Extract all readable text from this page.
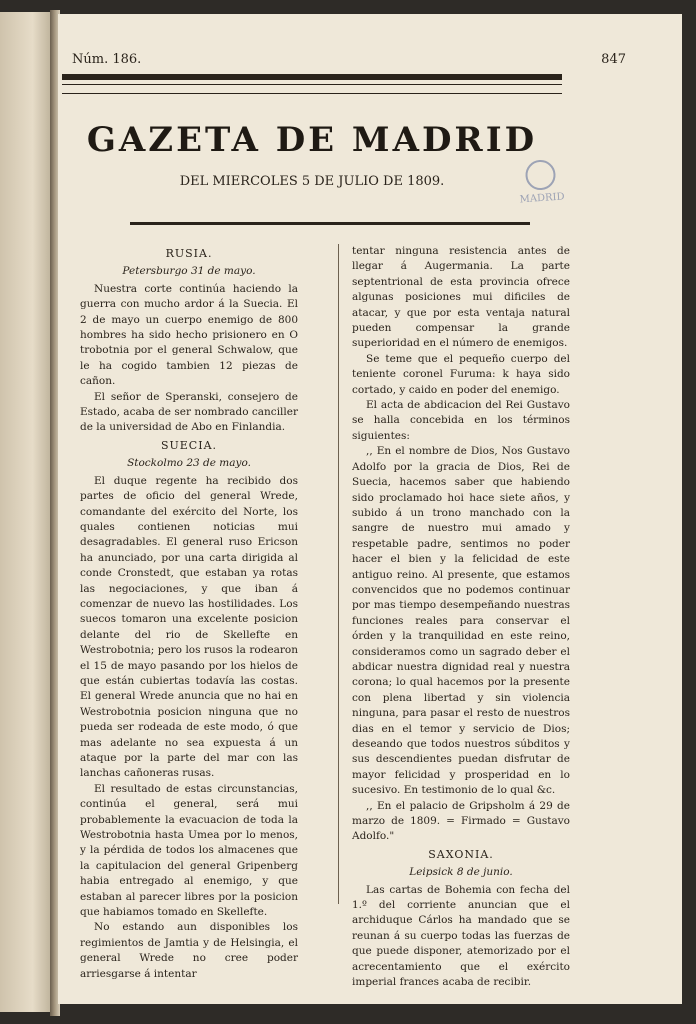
Núm. 186.	847
GAZETA DE MADRID
DEL MIERCOLES 5 DE JULIO DE 1809.
MADRID

RUSIA.

Petersburgo 31 de mayo.

Nuestra corte continúa haciendo la guerra con mucho ardor á la Suecia. El 2 de mayo un cuerpo enemigo de 800 hombres ha sido hecho prisionero en O trobotnia por el general Schwalow, que le ha cogido tambien 12 piezas de cañon.

El señor de Speranski, consejero de Estado, acaba de ser nombrado canciller de la universidad de Abo en Finlandia.

SUECIA.

Stockolmo 23 de mayo.

El duque regente ha recibido dos partes de oficio del general Wrede, comandante del exército del Norte, los quales contienen noticias mui desagradables. El general ruso Ericson ha anunciado, por una carta dirigida al conde Cronstedt, que estaban ya rotas las negociaciones, y que iban á comenzar de nuevo las hostilidades. Los suecos tomaron una excelente posicion delante del rio de Skellefte en Westrobotnia; pero los rusos la rodearon el 15 de mayo pasando por los hielos de que están cubiertas todavía las costas. El general Wrede anuncia que no hai en Westrobotnia posicion ninguna que no pueda ser rodeada de este modo, ó que mas adelante no sea expuesta á un ataque por la parte del mar con las lanchas cañoneras rusas.

El resultado de estas circunstancias, continúa el general, será mui probablemente la evacuacion de toda la Westrobotnia hasta Umea por lo menos, y la pérdida de todos los almacenes que la capitulacion del general Gripenberg habia entregado al enemigo, y que estaban al parecer libres por la posicion que habiamos tomado en Skellefte.

No estando aun disponibles los regimientos de Jamtia y de Helsingia, el general Wrede no cree poder arriesgarse á intentar

tentar ninguna resistencia antes de llegar á Augermania. La parte septentrional de esta provincia ofrece algunas posiciones mui dificiles de atacar, y que por esta ventaja natural pueden compensar la grande superioridad en el número de enemigos.

Se teme que el pequeño cuerpo del teniente coronel Furuma: k haya sido cortado, y caido en poder del enemigo.

El acta de abdicacion del Rei Gustavo se halla concebida en los términos siguientes:

,, En el nombre de Dios, Nos Gustavo Adolfo por la gracia de Dios, Rei de Suecia, hacemos saber que habiendo sido proclamado hoi hace siete años, y subido á un trono manchado con la sangre de nuestro mui amado y respetable padre, sentimos no poder hacer el bien y la felicidad de este antiguo reino. Al presente, que estamos convencidos que no podemos continuar por mas tiempo desempeñando nuestras funciones reales para conservar el órden y la tranquilidad en este reino, consideramos como un sagrado deber el abdicar nuestra dignidad real y nuestra corona; lo qual hacemos por la presente con plena libertad y sin violencia ninguna, para pasar el resto de nuestros dias en el temor y servicio de Dios; deseando que todos nuestros súbditos y sus descendientes puedan disfrutar de mayor felicidad y prosperidad en lo sucesivo. En testimonio de lo qual &c.

,, En el palacio de Gripsholm á 29 de marzo de 1809. = Firmado = Gustavo Adolfo."

SAXONIA.

Leipsick 8 de junio.

Las cartas de Bohemia con fecha del 1.º del corriente anuncian que el archiduque Cárlos ha mandado que se reunan á su cuerpo todas las fuerzas de que puede disponer, atemorizado por el acrecentamiento que el exército imperial frances acaba de recibir.
